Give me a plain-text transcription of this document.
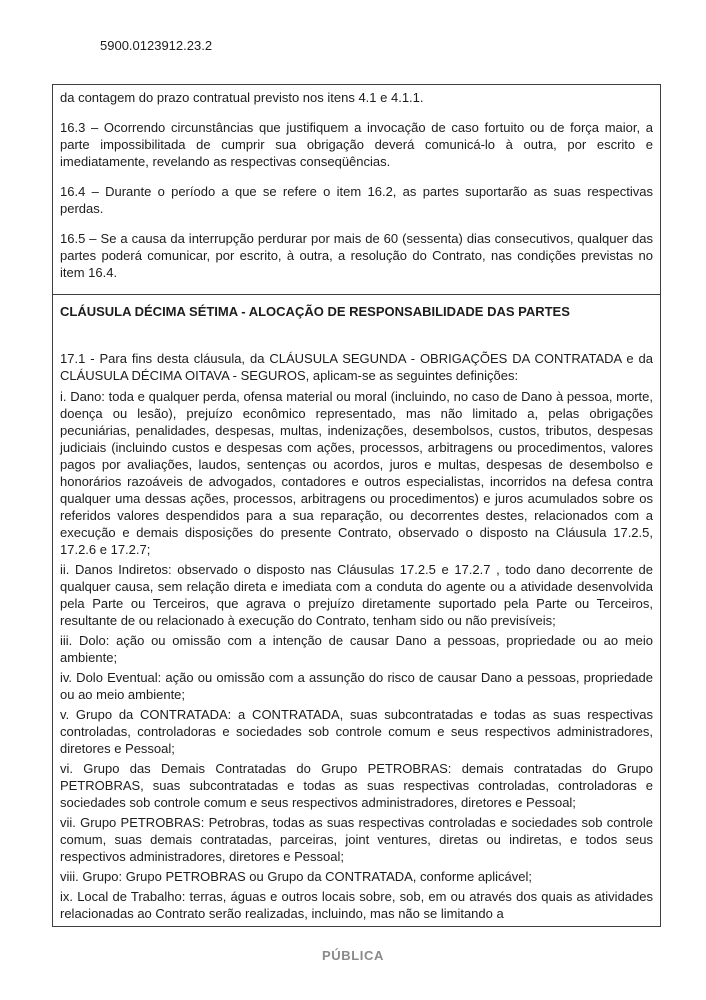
5900.0123912.23.2

da contagem do prazo contratual previsto nos itens 4.1 e 4.1.1.

16.3 – Ocorrendo circunstâncias que justifiquem a invocação de caso fortuito ou de força maior, a parte impossibilitada de cumprir sua obrigação deverá comunicá-lo à outra, por escrito e imediatamente, revelando as respectivas conseqüências.

16.4 – Durante o período a que se refere o item 16.2, as partes suportarão as suas respectivas perdas.

16.5 – Se a causa da interrupção perdurar por mais de 60 (sessenta) dias consecutivos, qualquer das partes poderá comunicar, por escrito, à outra, a resolução do Contrato, nas condições previstas no item 16.4.

CLÁUSULA DÉCIMA SÉTIMA - ALOCAÇÃO DE RESPONSABILIDADE DAS PARTES

17.1 - Para fins desta cláusula, da CLÁUSULA SEGUNDA - OBRIGAÇÕES DA CONTRATADA e da CLÁUSULA DÉCIMA OITAVA - SEGUROS, aplicam-se as seguintes definições:

i. Dano: toda e qualquer perda, ofensa material ou moral (incluindo, no caso de Dano à pessoa, morte, doença ou lesão), prejuízo econômico representado, mas não limitado a, pelas obrigações pecuniárias, penalidades, despesas, multas, indenizações, desembolsos, custos, tributos, despesas judiciais (incluindo custos e despesas com ações, processos, arbitragens ou procedimentos, valores pagos por avaliações, laudos, sentenças ou acordos, juros e multas, despesas de desembolso e honorários razoáveis de advogados, contadores e outros especialistas, incorridos na defesa contra qualquer uma dessas ações, processos, arbitragens ou procedimentos) e juros acumulados sobre os referidos valores despendidos para a sua reparação, ou decorrentes destes, relacionados com a execução e demais disposições do presente Contrato, observado o disposto na Cláusula 17.2.5, 17.2.6 e 17.2.7;

ii. Danos Indiretos: observado o disposto nas Cláusulas 17.2.5 e 17.2.7 , todo dano decorrente de qualquer causa, sem relação direta e imediata com a conduta do agente ou a atividade desenvolvida pela Parte ou Terceiros, que agrava o prejuízo diretamente suportado pela Parte ou Terceiros, resultante de ou relacionado à execução do Contrato, tenham sido ou não previsíveis;

iii. Dolo: ação ou omissão com a intenção de causar Dano a pessoas, propriedade ou ao meio ambiente;

iv. Dolo Eventual: ação ou omissão com a assunção do risco de causar Dano a pessoas, propriedade ou ao meio ambiente;

v. Grupo da CONTRATADA: a CONTRATADA, suas subcontratadas e todas as suas respectivas controladas, controladoras e sociedades sob controle comum e seus respectivos administradores, diretores e Pessoal;

vi. Grupo das Demais Contratadas do Grupo PETROBRAS: demais contratadas do Grupo PETROBRAS, suas subcontratadas e todas as suas respectivas controladas, controladoras e sociedades sob controle comum e seus respectivos administradores, diretores e Pessoal;

vii. Grupo PETROBRAS: Petrobras, todas as suas respectivas controladas e sociedades sob controle comum, suas demais contratadas, parceiras, joint ventures, diretas ou indiretas, e todos seus respectivos administradores, diretores e Pessoal;

viii. Grupo: Grupo PETROBRAS ou Grupo da CONTRATADA, conforme aplicável;

ix. Local de Trabalho: terras, águas e outros locais sobre, sob, em ou através dos quais as atividades relacionadas ao Contrato serão realizadas, incluindo, mas não se limitando a

PÚBLICA
